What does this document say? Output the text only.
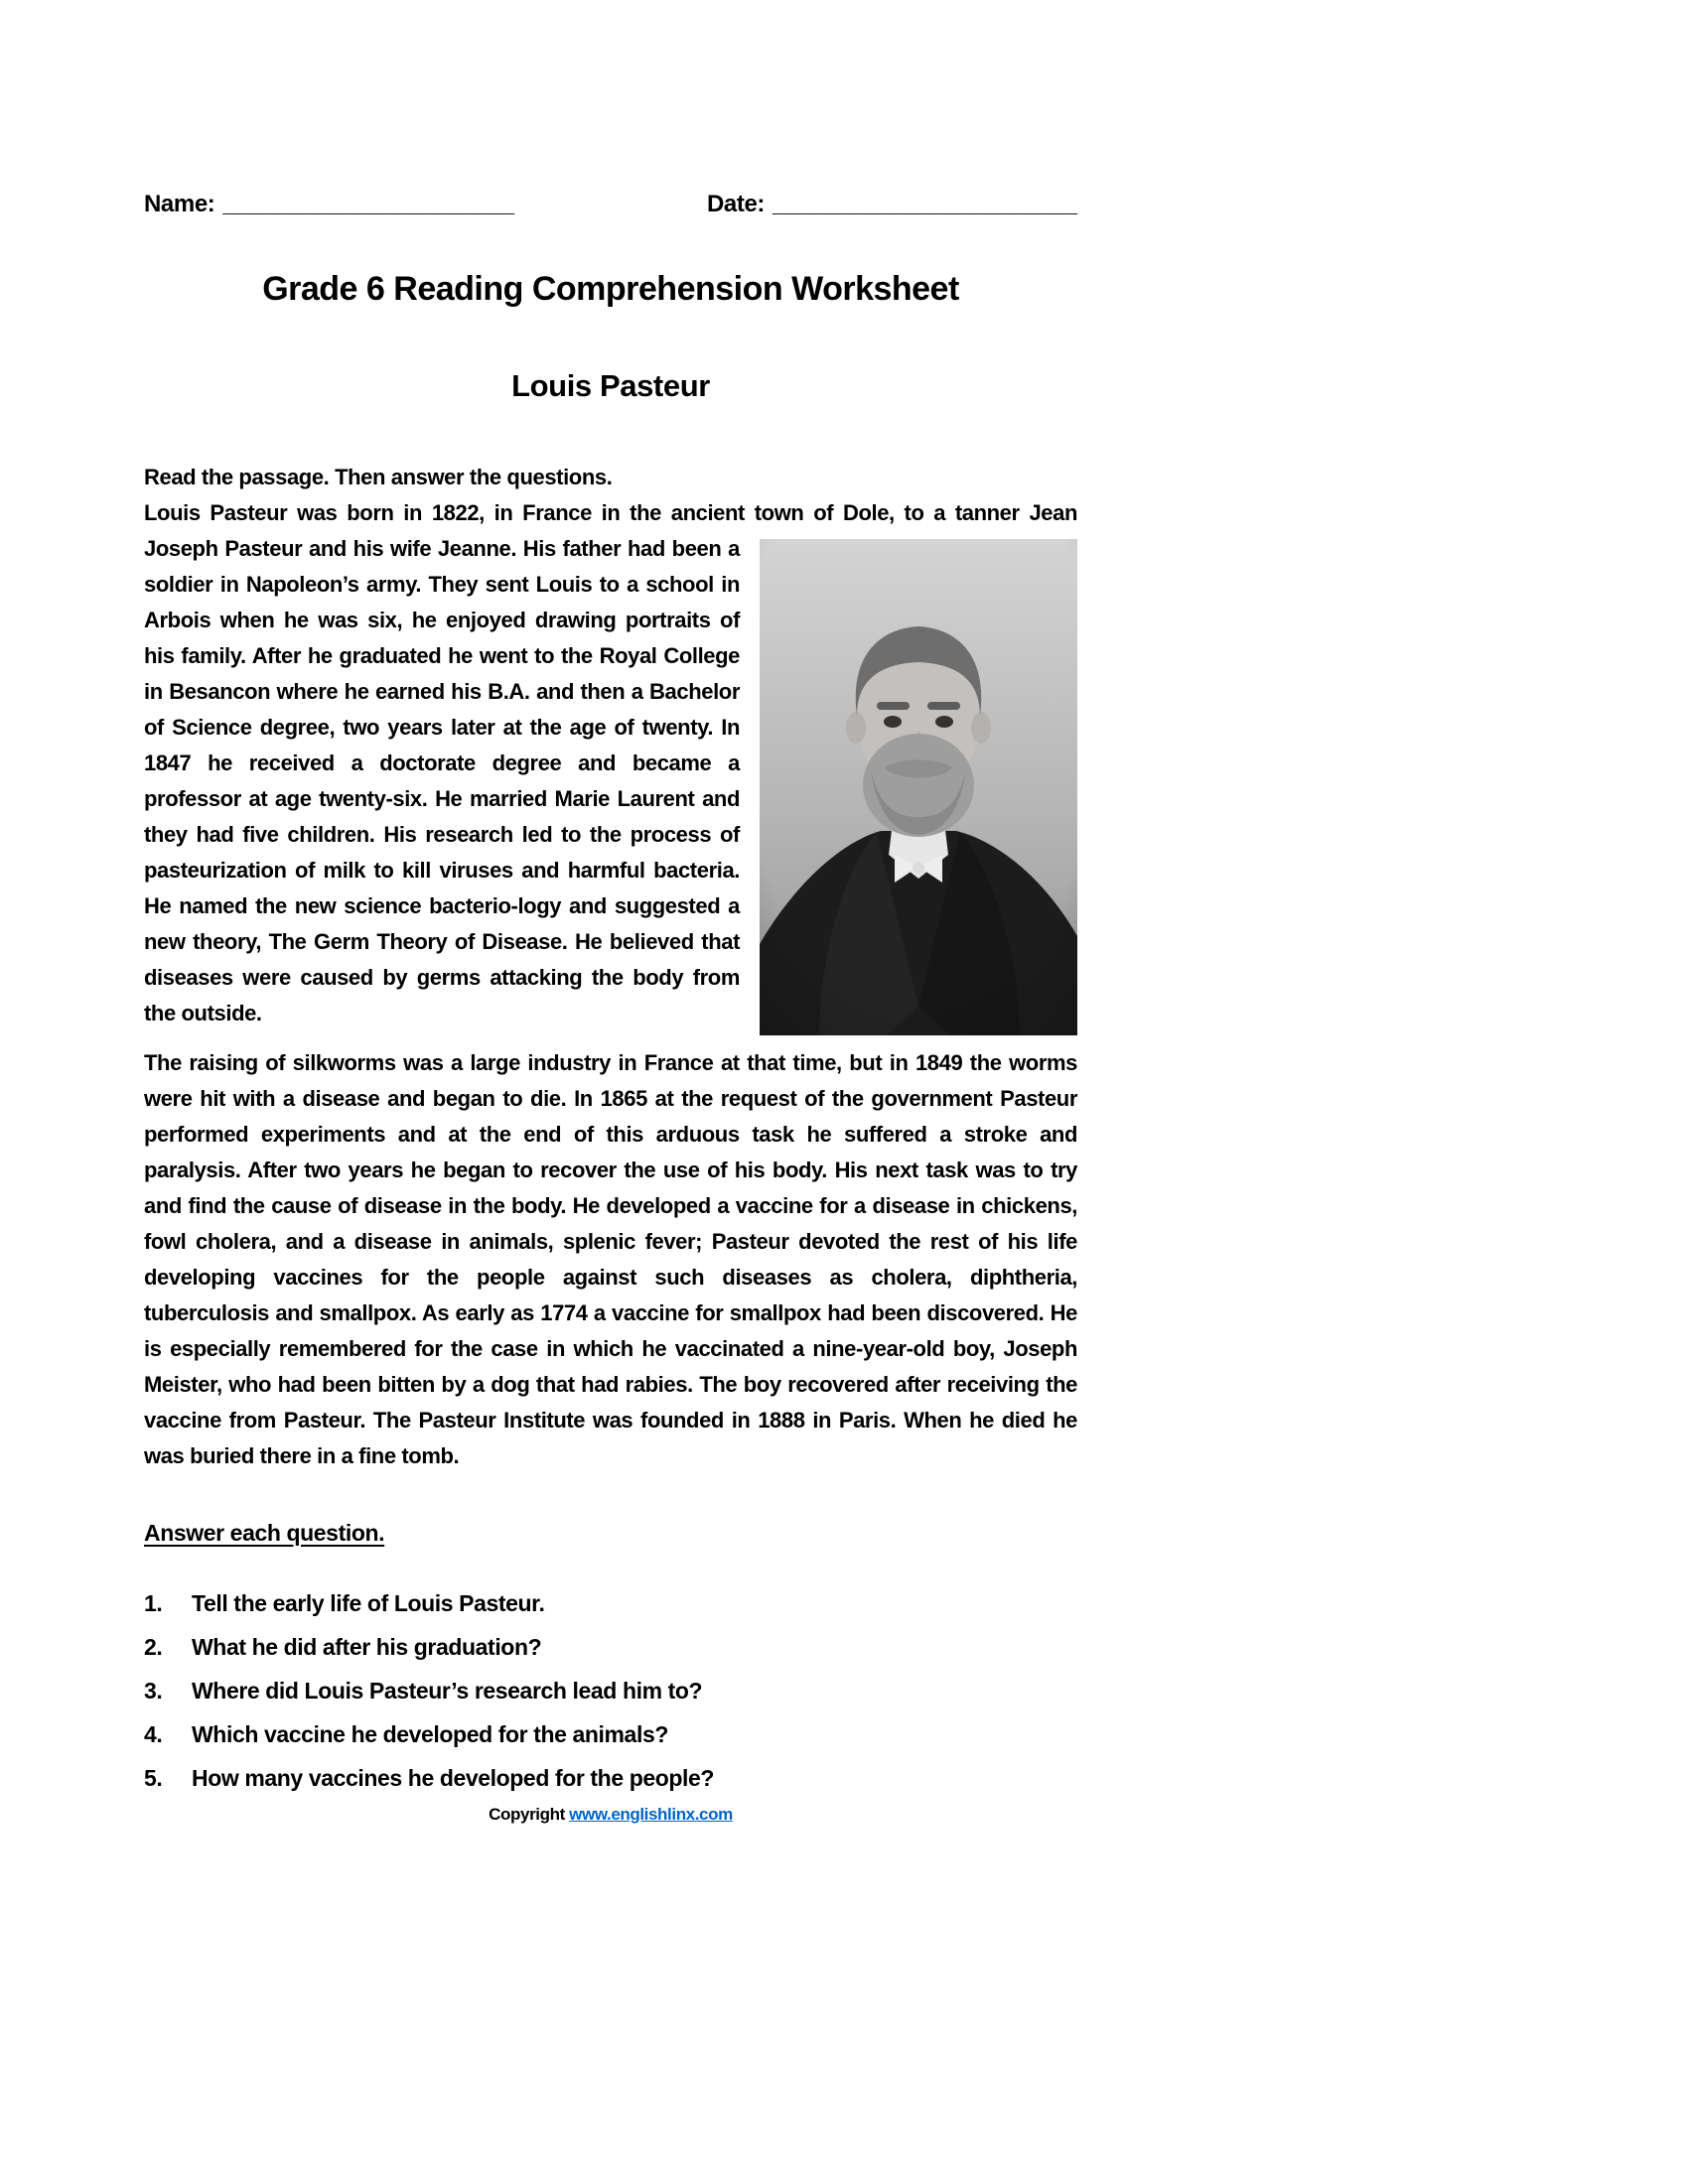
Name: ______________________	Date: _______________________
Grade 6 Reading Comprehension Worksheet
Louis Pasteur

Read the passage. Then answer the questions.

Louis Pasteur was born in 1822, in France in the ancient town of Dole, to a tanner Jean Joseph Pasteur and his wife Jeanne. His father
had been a soldier in Napoleon’s army. They sent Louis to a school in Arbois when he was six, he enjoyed drawing portraits of his family. After he graduated he went to the Royal College in Besancon where he earned his B.A. and then a Bachelor of Science degree, two years later at the age of twenty. In 1847 he received a doctorate degree and became a professor at age twenty-six. He married Marie Laurent and they had five children. His research led to the process of pasteurization of milk to kill viruses and harmful bacteria. He named the new science bacterio-logy and suggested a new theory, The Germ Theory of Disease. He believed that diseases were caused by germs attacking the body from the outside.

The raising of silkworms was a large industry in France at that time, but in 1849 the worms were hit with a disease and began to die. In 1865 at the request of the government Pasteur performed experiments and at the end of this arduous task he suffered a stroke and paralysis. After two years he began to recover the use of his body. His next task was to try and find the cause of disease in the body. He developed a vaccine for a disease in chickens, fowl cholera, and a disease in animals, splenic fever; Pasteur devoted the rest of his life developing vaccines for the people against such diseases as cholera, diphtheria, tuberculosis and smallpox. As early as 1774 a vaccine for smallpox had been discovered. He is especially remembered for the case in which he vaccinated a nine-year-old boy, Joseph Meister, who had been bitten by a dog that had rabies. The boy recovered after receiving the vaccine from Pasteur. The Pasteur Institute was founded in 1888 in Paris. When he died he was buried there in a fine tomb.

Answer each question.
1.	Tell the early life of Louis Pasteur.
2.	What he did after his graduation?
3.	Where did Louis Pasteur’s research lead him to?
4.	Which vaccine he developed for the animals?
5.	How many vaccines he developed for the people?
Copyright www.englishlinx.com
